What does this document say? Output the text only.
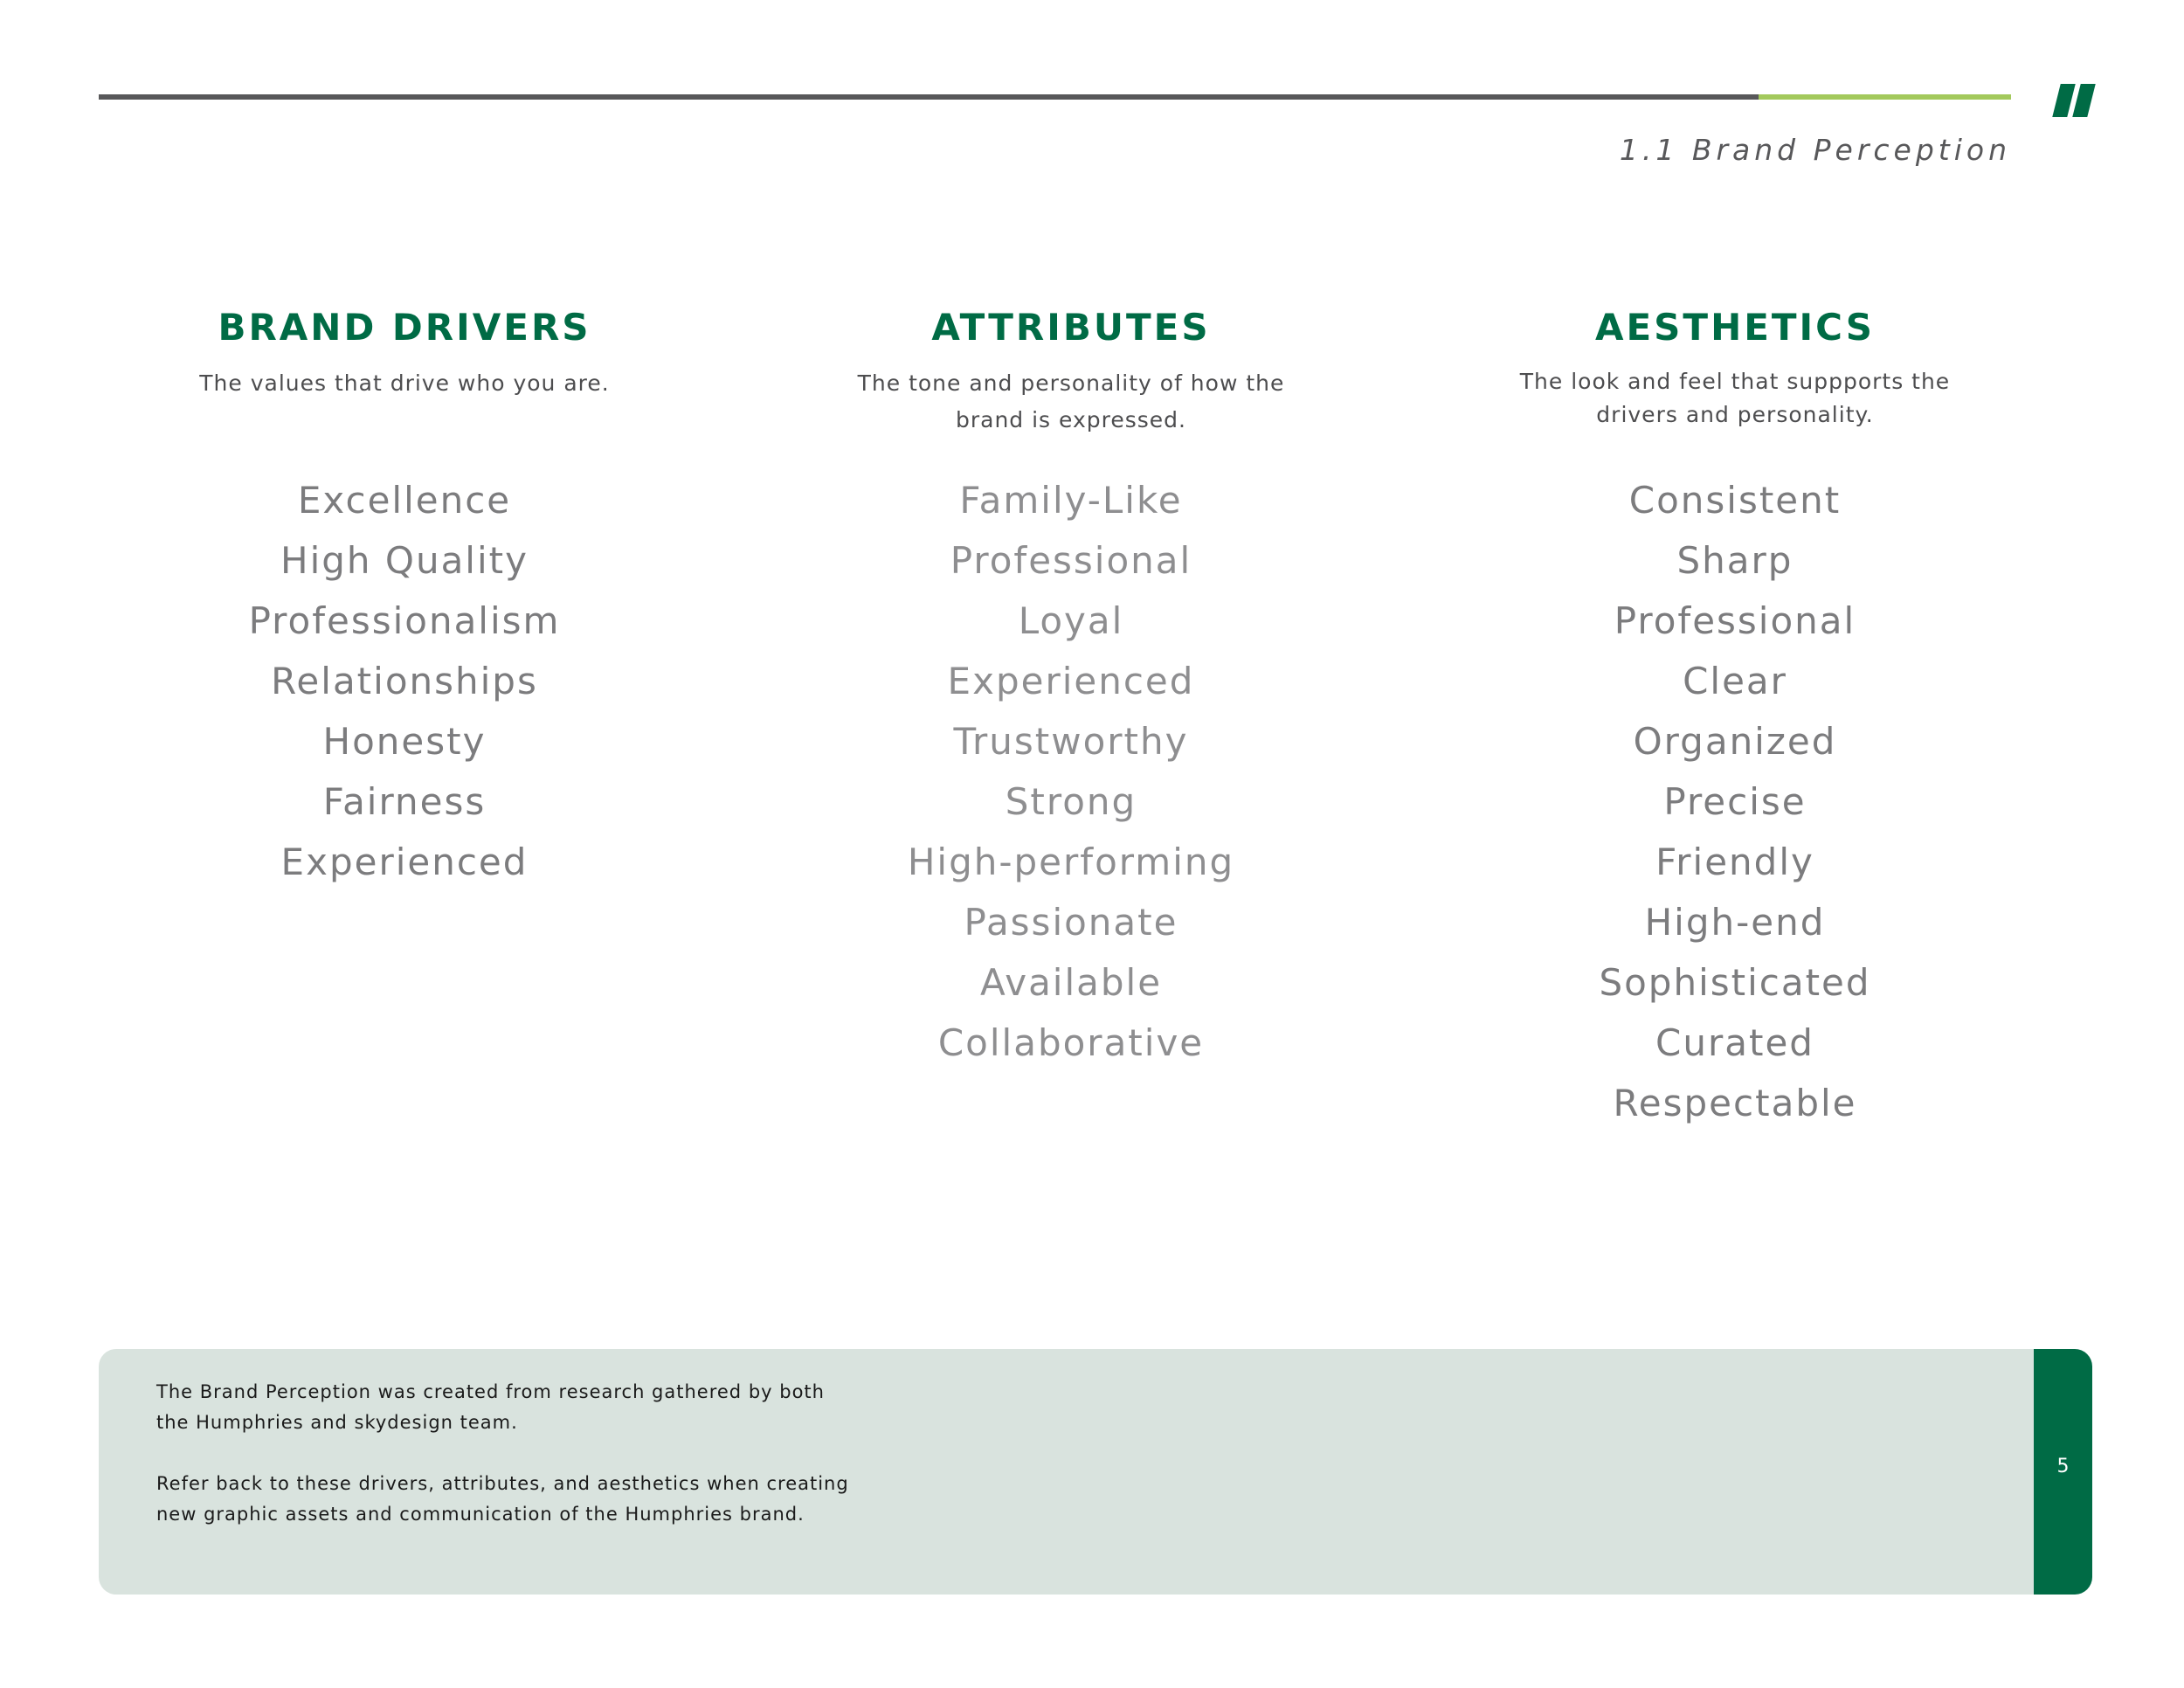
1.1 Brand Perception
BRAND DRIVERS
The values that drive who you are.
Excellence
High Quality
Professionalism
Relationships
Honesty
Fairness
Experienced
ATTRIBUTES
The tone and personality of how the brand is expressed.
Family-Like
Professional
Loyal
Experienced
Trustworthy
Strong
High-performing
Passionate
Available
Collaborative
AESTHETICS
The look and feel that suppports the drivers and personality.
Consistent
Sharp
Professional
Clear
Organized
Precise
Friendly
High-end
Sophisticated
Curated
Respectable

The Brand Perception was created from research gathered by both the Humphries and skydesign team.

Refer back to these drivers, attributes, and aesthetics when creating new graphic assets and communication of the Humphries brand.

5
